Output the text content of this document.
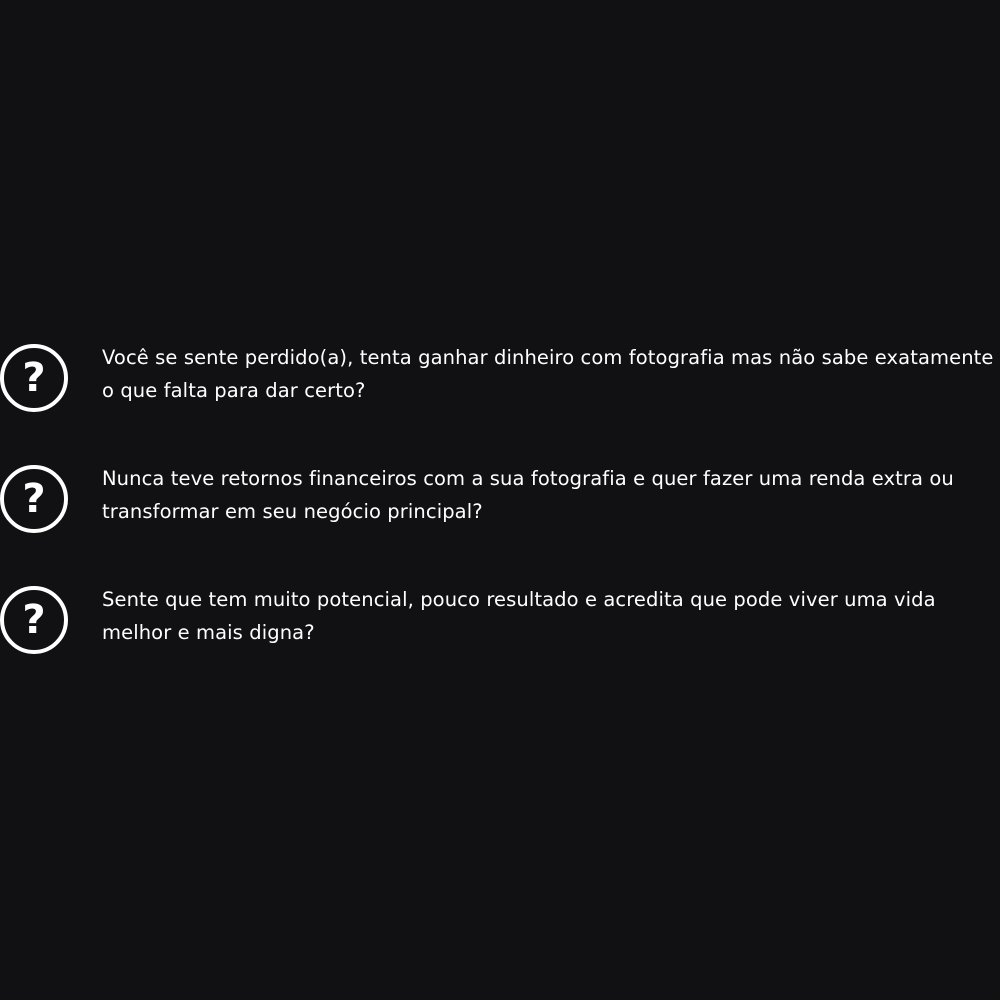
?	Você se sente perdido(a), tenta ganhar dinheiro com fotografia mas não sabe exatamente o que falta para dar certo?

?	Nunca teve retornos financeiros com a sua fotografia e quer fazer uma renda extra ou transformar em seu negócio principal?

?	Sente que tem muito potencial, pouco resultado e acredita que pode viver uma vida melhor e mais digna?
